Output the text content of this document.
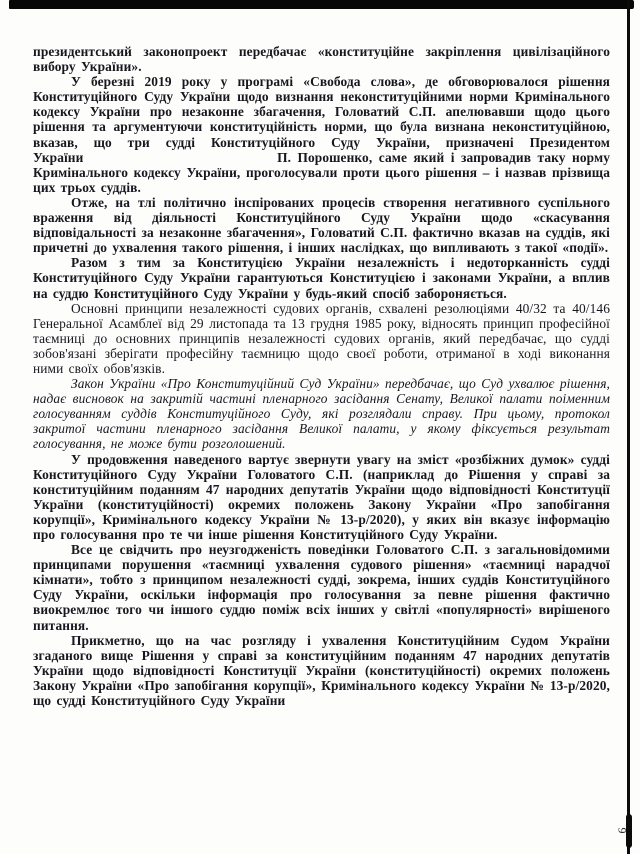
президентський законопроект передбачає «конституційне закріплення цивілізаційного вибору України».

У березні 2019 року у програмі «Свобода слова», де обговорювалося рішення Конституційного Суду України щодо визнання неконституційними норми Кримінального кодексу України про незаконне збагачення, Головатий С.П. апелювавши щодо цього рішення та аргументуючи конституційність норми, що була визнана неконституційною, вказав, що три судді Конституційного Суду України, призначені Президентом України                              П. Порошенко, саме який і запровадив таку норму Кримінального кодексу України, проголосували проти цього рішення – і назвав прізвища цих трьох суддів.

Отже, на тлі політично інспірованих процесів створення негативного суспільного враження від діяльності Конституційного Суду України щодо «скасування відповідальності за незаконне збагачення», Головатий С.П. фактично вказав на суддів, які причетні до ухвалення такого рішення, і інших наслідках, що випливають з такої «події».

Разом з тим за Конституцією України незалежність і недоторканність судді Конституційного Суду України гарантуються Конституцією і законами України, а вплив на суддю Конституційного Суду України у будь-який спосіб забороняється.

Основні принципи незалежності судових органів, схвалені резолюціями 40/32 та 40/146 Генеральної Асамблеї від 29 листопада та 13 грудня 1985 року, відносять принцип професійної таємниці до основних принципів незалежності судових органів, який передбачає, що судді зобов'язані зберігати професійну таємницю щодо своєї роботи, отриманої в ході виконання ними своїх обов'язків.

Закон України «Про Конституційний Суд України» передбачає, що Суд ухвалює рішення, надає висновок на закритій частині пленарного засідання Сенату, Великої палати поіменним голосуванням суддів Конституційного Суду, які розглядали справу. При цьому, протокол закритої частини пленарного засідання Великої палати, у якому фіксується результат голосування, не може бути розголошений.

У продовження наведеного вартує звернути увагу на зміст «розбіжних думок» судді Конституційного Суду України Головатого С.П. (наприклад до Рішення у справі за конституційним поданням 47 народних депутатів України щодо відповідності Конституції України (конституційності) окремих положень Закону України «Про запобігання корупції», Кримінального кодексу України № 13-р/2020), у яких він вказує інформацію про голосування про те чи інше рішення Конституційного Суду України.

Все це свідчить про неузгодженість поведінки Головатого С.П. з загальновідомими принципами порушення «таємниці ухвалення судового рішення» «таємниці нарадчої кімнати», тобто з принципом незалежності судді, зокрема, інших суддів Конституційного Суду України, оскільки інформація про голосування за певне рішення фактично виокремлює того чи іншого суддю поміж всіх інших у світлі «популярності» вирішеного питання.

Прикметно, що на час розгляду і ухвалення Конституційним Судом України згаданого вище Рішення у справі за конституційним поданням 47 народних депутатів України щодо відповідності Конституції України (конституційності) окремих положень Закону України «Про запобігання корупції», Кримінального кодексу України № 13-р/2020, що судді Конституційного Суду України

9
